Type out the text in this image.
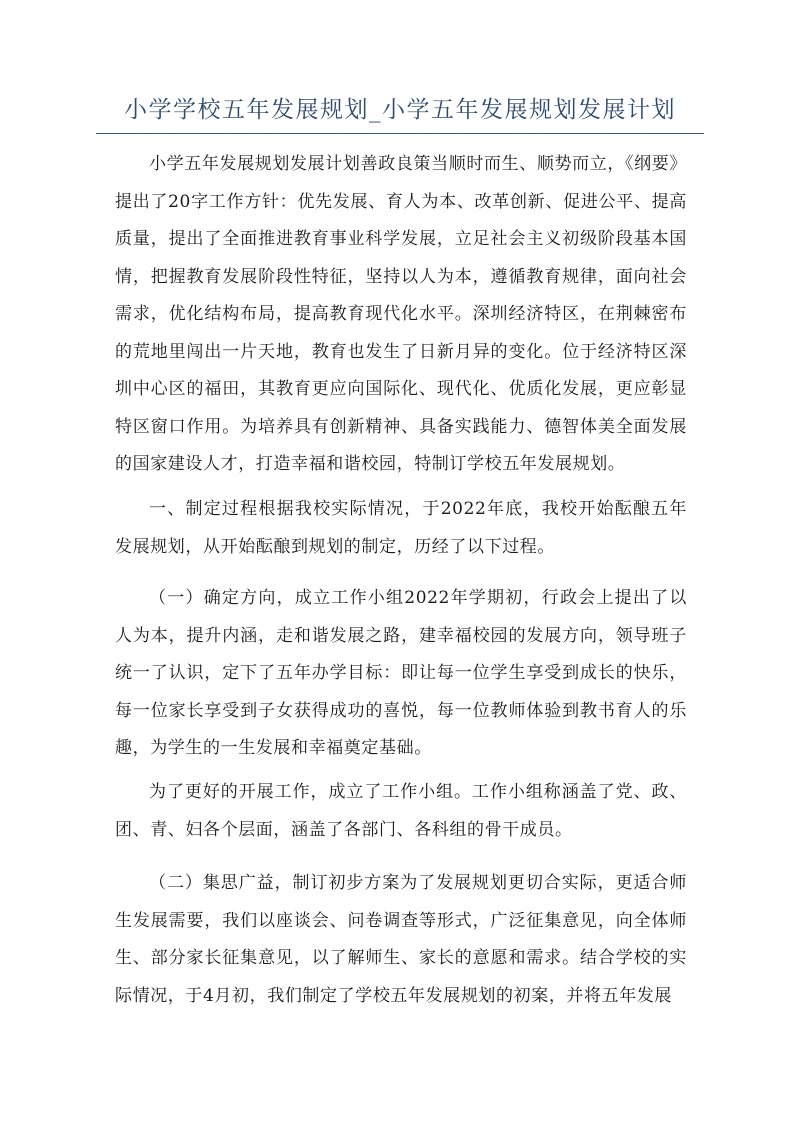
小学学校五年发展规划_小学五年发展规划发展计划

小学五年发展规划发展计划善政良策当顺时而生、顺势而立，《纲要》提出了20字工作方针：优先发展、育人为本、改革创新、促进公平、提高质量，提出了全面推进教育事业科学发展，立足社会主义初级阶段基本国情，把握教育发展阶段性特征，坚持以人为本，遵循教育规律，面向社会需求，优化结构布局，提高教育现代化水平。深圳经济特区，在荆棘密布的荒地里闯出一片天地，教育也发生了日新月异的变化。位于经济特区深圳中心区的福田，其教育更应向国际化、现代化、优质化发展，更应彰显特区窗口作用。为培养具有创新精神、具备实践能力、德智体美全面发展的国家建设人才，打造幸福和谐校园，特制订学校五年发展规划。

一、制定过程根据我校实际情况，于2022年底，我校开始酝酿五年发展规划，从开始酝酿到规划的制定，历经了以下过程。

（一）确定方向，成立工作小组2022年学期初，行政会上提出了以人为本，提升内涵，走和谐发展之路，建幸福校园的发展方向，领导班子统一了认识，定下了五年办学目标：即让每一位学生享受到成长的快乐，每一位家长享受到子女获得成功的喜悦，每一位教师体验到教书育人的乐趣，为学生的一生发展和幸福奠定基础。

为了更好的开展工作，成立了工作小组。工作小组称涵盖了党、政、团、青、妇各个层面，涵盖了各部门、各科组的骨干成员。

（二）集思广益，制订初步方案为了发展规划更切合实际，更适合师生发展需要，我们以座谈会、问卷调查等形式，广泛征集意见，向全体师生、部分家长征集意见，以了解师生、家长的意愿和需求。结合学校的实际情况，于4月初，我们制定了学校五年发展规划的初案，并将五年发展
